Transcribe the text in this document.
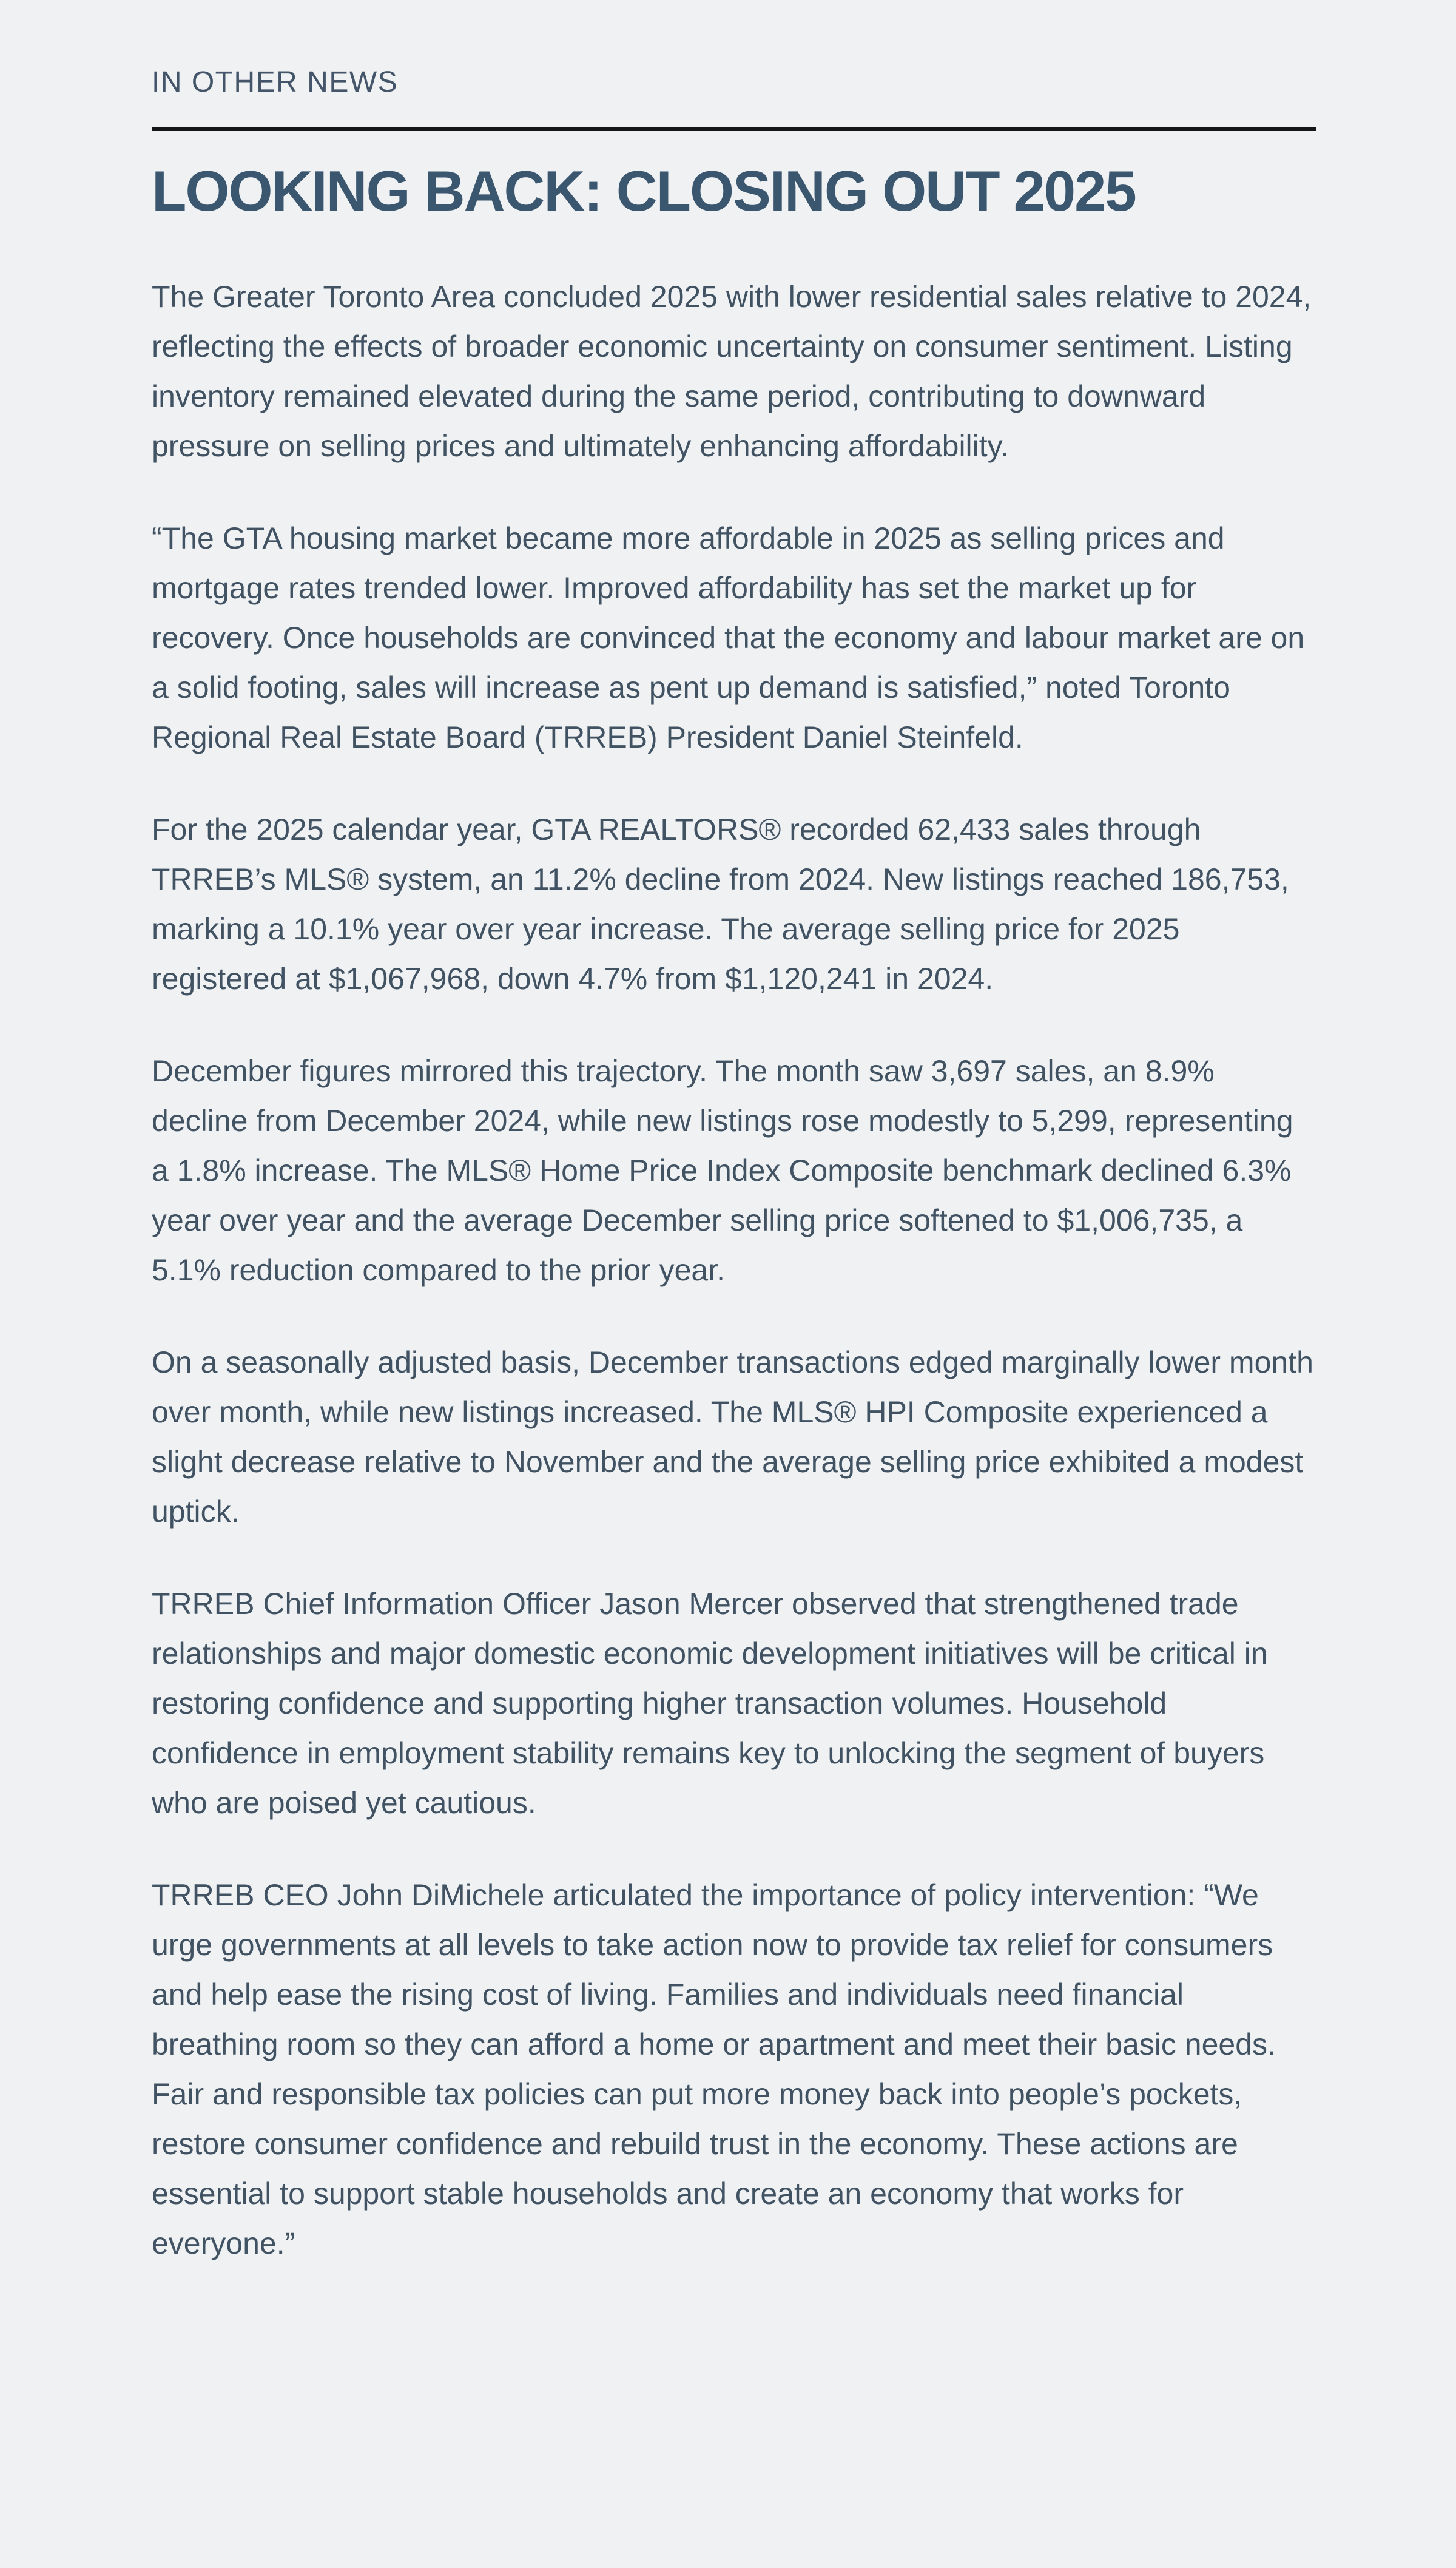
IN OTHER NEWS
LOOKING BACK: CLOSING OUT 2025

The Greater Toronto Area concluded 2025 with lower residential sales relative to 2024, reflecting the effects of broader economic uncertainty on consumer sentiment. Listing inventory remained elevated during the same period, contributing to downward pressure on selling prices and ultimately enhancing affordability.

“The GTA housing market became more affordable in 2025 as selling prices and mortgage rates trended lower. Improved affordability has set the market up for recovery. Once households are convinced that the economy and labour market are on a solid footing, sales will increase as pent up demand is satisfied,” noted Toronto Regional Real Estate Board (TRREB) President Daniel Steinfeld.

For the 2025 calendar year, GTA REALTORS® recorded 62,433 sales through TRREB’s MLS® system, an 11.2% decline from 2024. New listings reached 186,753, marking a 10.1% year over year increase. The average selling price for 2025 registered at $1,067,968, down 4.7% from $1,120,241 in 2024.

December figures mirrored this trajectory. The month saw 3,697 sales, an 8.9% decline from December 2024, while new listings rose modestly to 5,299, representing a 1.8% increase. The MLS® Home Price Index Composite benchmark declined 6.3% year over year and the average December selling price softened to $1,006,735, a 5.1% reduction compared to the prior year.

On a seasonally adjusted basis, December transactions edged marginally lower month over month, while new listings increased. The MLS® HPI Composite experienced a slight decrease relative to November and the average selling price exhibited a modest uptick.

TRREB Chief Information Officer Jason Mercer observed that strengthened trade relationships and major domestic economic development initiatives will be critical in restoring confidence and supporting higher transaction volumes. Household confidence in employment stability remains key to unlocking the segment of buyers who are poised yet cautious.

TRREB CEO John DiMichele articulated the importance of policy intervention: “We urge governments at all levels to take action now to provide tax relief for consumers and help ease the rising cost of living. Families and individuals need financial breathing room so they can afford a home or apartment and meet their basic needs. Fair and responsible tax policies can put more money back into people’s pockets, restore consumer confidence and rebuild trust in the economy. These actions are essential to support stable households and create an economy that works for everyone.”
